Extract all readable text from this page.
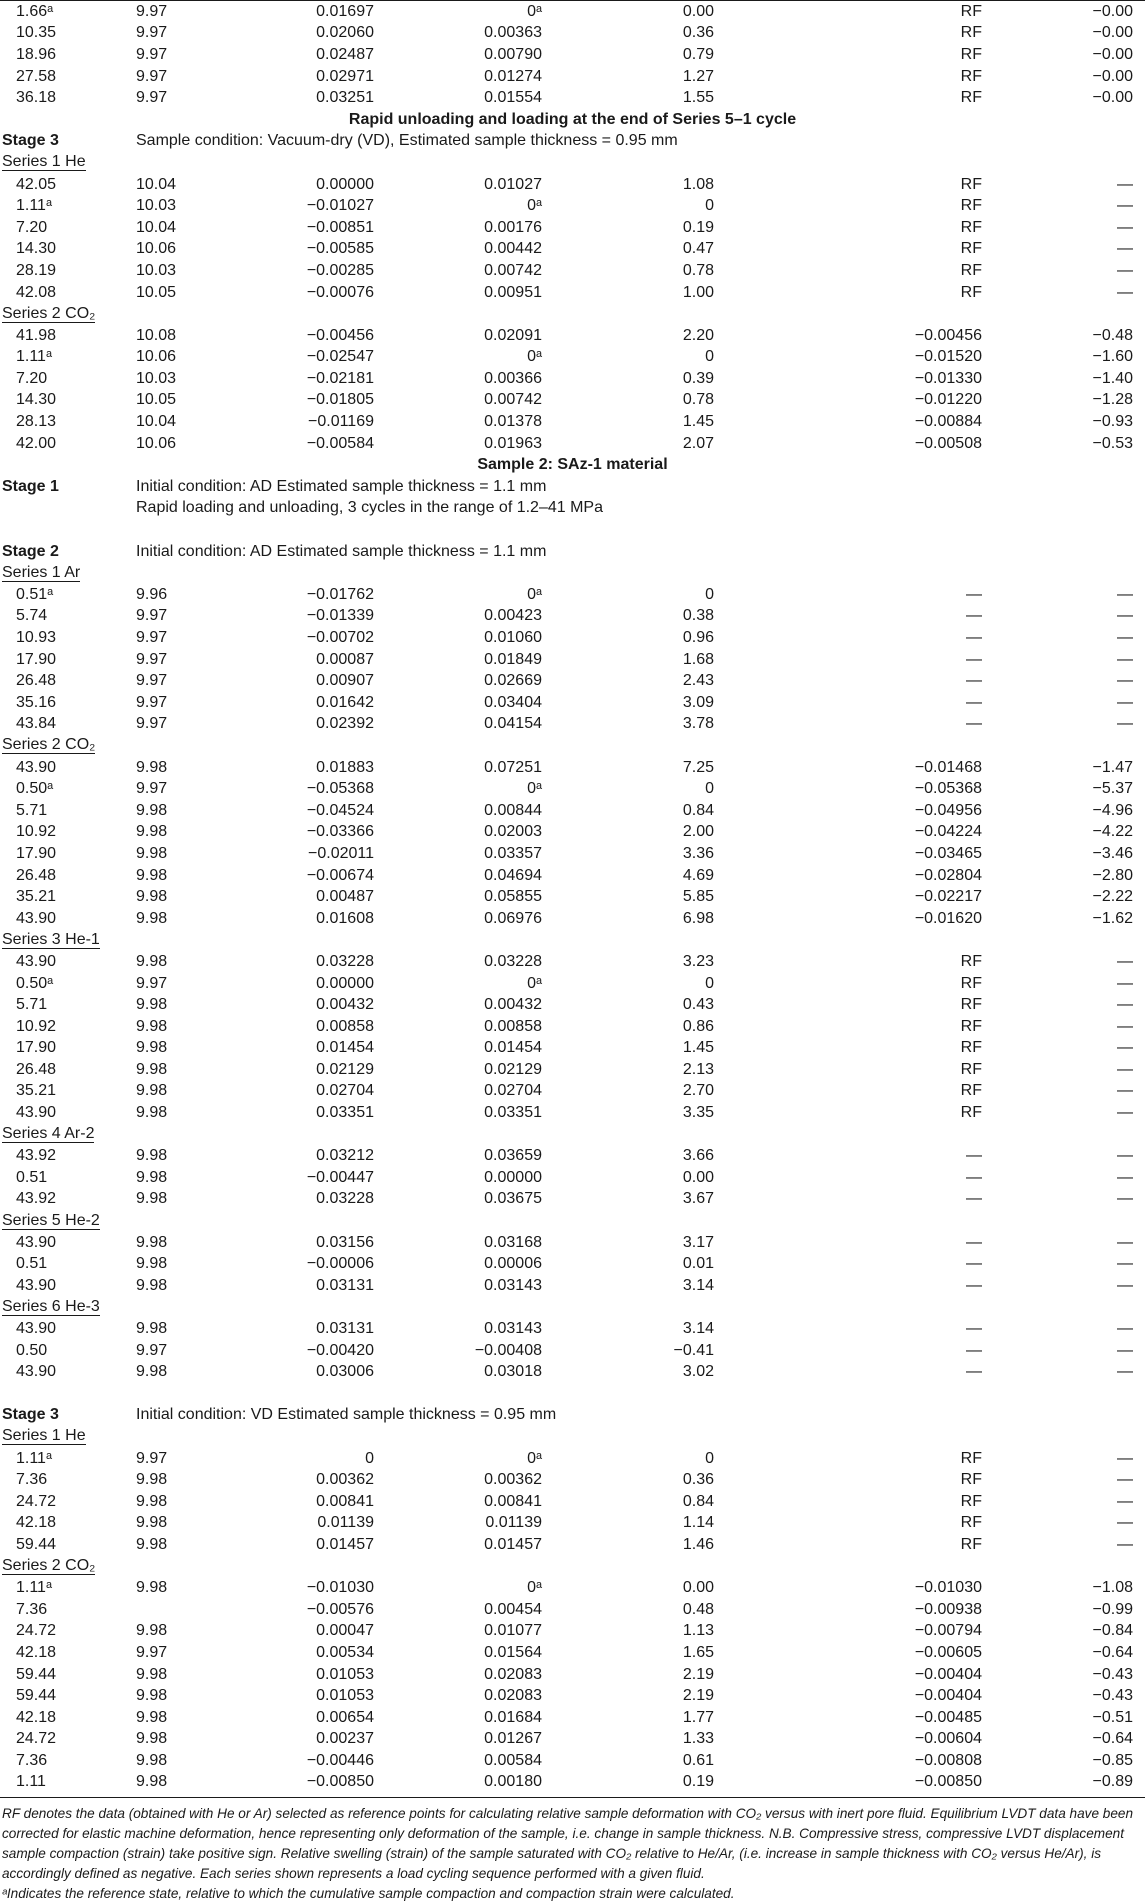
1.66ᵃ	9.97	0.01697	0ᵃ	0.00	RF	−0.00
10.35	9.97	0.02060	0.00363	0.36	RF	−0.00
18.96	9.97	0.02487	0.00790	0.79	RF	−0.00
27.58	9.97	0.02971	0.01274	1.27	RF	−0.00
36.18	9.97	0.03251	0.01554	1.55	RF	−0.00
Rapid unloading and loading at the end of Series 5–1 cycle						
Stage 3	Sample condition: Vacuum-dry (VD), Estimated sample thickness = 0.95 mm					
Series 1 He						
42.05	10.04	0.00000	0.01027	1.08	RF	—
1.11ᵃ	10.03	−0.01027	0ᵃ	0	RF	—
7.20	10.04	−0.00851	0.00176	0.19	RF	—
14.30	10.06	−0.00585	0.00442	0.47	RF	—
28.19	10.03	−0.00285	0.00742	0.78	RF	—
42.08	10.05	−0.00076	0.00951	1.00	RF	—
Series 2 CO₂						
41.98	10.08	−0.00456	0.02091	2.20	−0.00456	−0.48
1.11ᵃ	10.06	−0.02547	0ᵃ	0	−0.01520	−1.60
7.20	10.03	−0.02181	0.00366	0.39	−0.01330	−1.40
14.30	10.05	−0.01805	0.00742	0.78	−0.01220	−1.28
28.13	10.04	−0.01169	0.01378	1.45	−0.00884	−0.93
42.00	10.06	−0.00584	0.01963	2.07	−0.00508	−0.53
Sample 2: SAz-1 material						
Stage 1	Initial condition: AD Estimated sample thickness = 1.1 mm					
	Rapid loading and unloading, 3 cycles in the range of 1.2–41 MPa					

Stage 2	Initial condition: AD Estimated sample thickness = 1.1 mm					
Series 1 Ar						
0.51ᵃ	9.96	−0.01762	0ᵃ	0	—	—
5.74	9.97	−0.01339	0.00423	0.38	—	—
10.93	9.97	−0.00702	0.01060	0.96	—	—
17.90	9.97	0.00087	0.01849	1.68	—	—
26.48	9.97	0.00907	0.02669	2.43	—	—
35.16	9.97	0.01642	0.03404	3.09	—	—
43.84	9.97	0.02392	0.04154	3.78	—	—
Series 2 CO₂						
43.90	9.98	0.01883	0.07251	7.25	−0.01468	−1.47
0.50ᵃ	9.97	−0.05368	0ᵃ	0	−0.05368	−5.37
5.71	9.98	−0.04524	0.00844	0.84	−0.04956	−4.96
10.92	9.98	−0.03366	0.02003	2.00	−0.04224	−4.22
17.90	9.98	−0.02011	0.03357	3.36	−0.03465	−3.46
26.48	9.98	−0.00674	0.04694	4.69	−0.02804	−2.80
35.21	9.98	0.00487	0.05855	5.85	−0.02217	−2.22
43.90	9.98	0.01608	0.06976	6.98	−0.01620	−1.62
Series 3 He-1						
43.90	9.98	0.03228	0.03228	3.23	RF	—
0.50ᵃ	9.97	0.00000	0ᵃ	0	RF	—
5.71	9.98	0.00432	0.00432	0.43	RF	—
10.92	9.98	0.00858	0.00858	0.86	RF	—
17.90	9.98	0.01454	0.01454	1.45	RF	—
26.48	9.98	0.02129	0.02129	2.13	RF	—
35.21	9.98	0.02704	0.02704	2.70	RF	—
43.90	9.98	0.03351	0.03351	3.35	RF	—
Series 4 Ar-2						
43.92	9.98	0.03212	0.03659	3.66	—	—
0.51	9.98	−0.00447	0.00000	0.00	—	—
43.92	9.98	0.03228	0.03675	3.67	—	—
Series 5 He-2						
43.90	9.98	0.03156	0.03168	3.17	—	—
0.51	9.98	−0.00006	0.00006	0.01	—	—
43.90	9.98	0.03131	0.03143	3.14	—	—
Series 6 He-3						
43.90	9.98	0.03131	0.03143	3.14	—	—
0.50	9.97	−0.00420	−0.00408	−0.41	—	—
43.90	9.98	0.03006	0.03018	3.02	—	—

Stage 3	Initial condition: VD Estimated sample thickness = 0.95 mm					
Series 1 He						
1.11ᵃ	9.97	0	0ᵃ	0	RF	—
7.36	9.98	0.00362	0.00362	0.36	RF	—
24.72	9.98	0.00841	0.00841	0.84	RF	—
42.18	9.98	0.01139	0.01139	1.14	RF	—
59.44	9.98	0.01457	0.01457	1.46	RF	—
Series 2 CO₂						
1.11ᵃ	9.98	−0.01030	0ᵃ	0.00	−0.01030	−1.08
7.36		−0.00576	0.00454	0.48	−0.00938	−0.99
24.72	9.98	0.00047	0.01077	1.13	−0.00794	−0.84
42.18	9.97	0.00534	0.01564	1.65	−0.00605	−0.64
59.44	9.98	0.01053	0.02083	2.19	−0.00404	−0.43
59.44	9.98	0.01053	0.02083	2.19	−0.00404	−0.43
42.18	9.98	0.00654	0.01684	1.77	−0.00485	−0.51
24.72	9.98	0.00237	0.01267	1.33	−0.00604	−0.64
7.36	9.98	−0.00446	0.00584	0.61	−0.00808	−0.85
1.11	9.98	−0.00850	0.00180	0.19	−0.00850	−0.89

RF denotes the data (obtained with He or Ar) selected as reference points for calculating relative sample deformation with CO₂ versus with inert pore fluid. Equilibrium LVDT data have been corrected for elastic machine deformation, hence representing only deformation of the sample, i.e. change in sample thickness. N.B. Compressive stress, compressive LVDT displacement sample compaction (strain) take positive sign. Relative swelling (strain) of the sample saturated with CO₂ relative to He/Ar, (i.e. increase in sample thickness with CO₂ versus He/Ar), is accordingly defined as negative. Each series shown represents a load cycling sequence performed with a given fluid.

ᵃIndicates the reference state, relative to which the cumulative sample compaction and compaction strain were calculated.
